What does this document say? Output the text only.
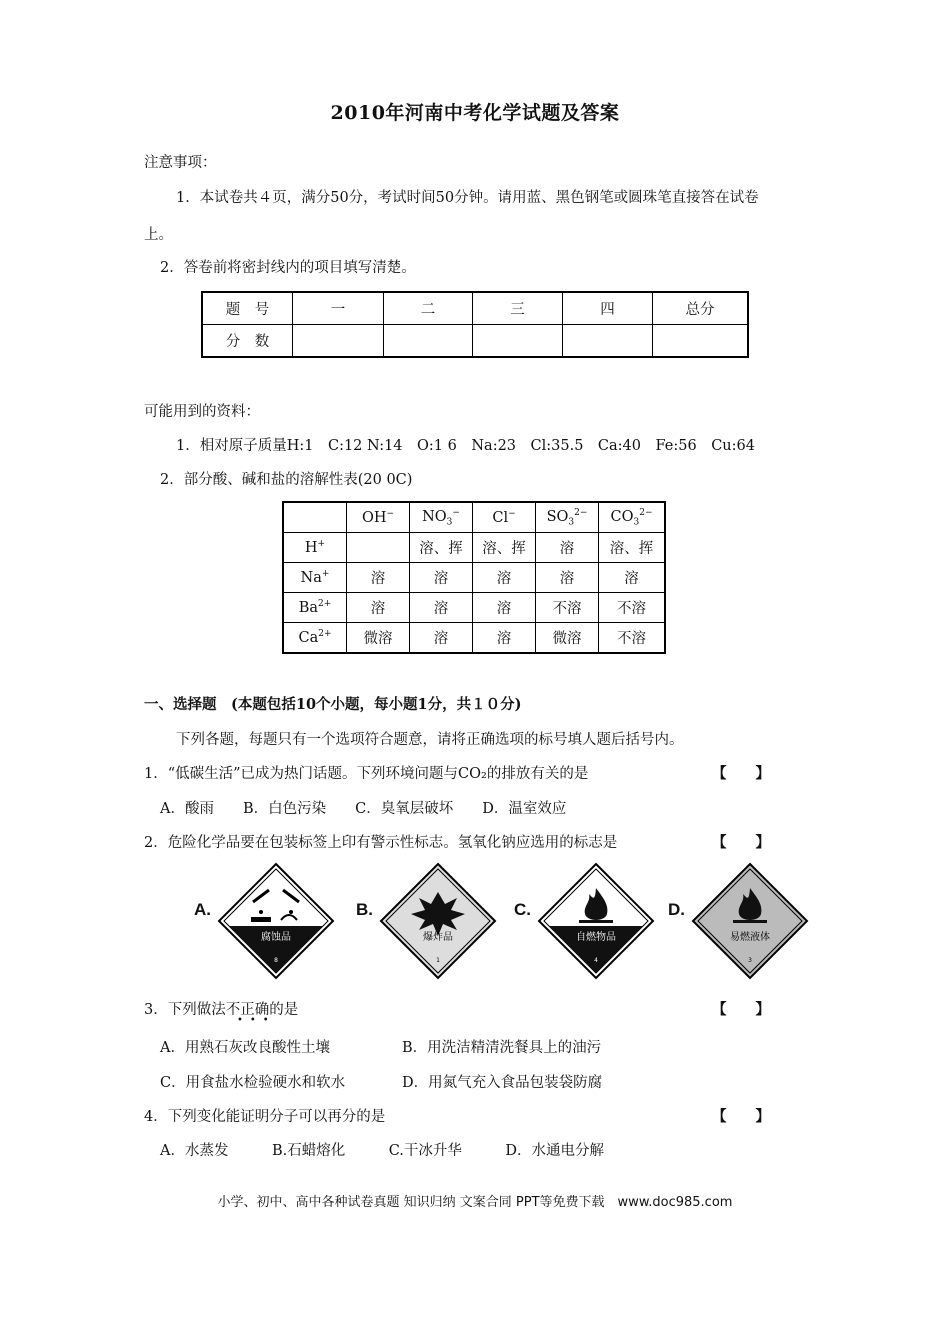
2010年河南中考化学试题及答案
注意事项：
1．本试卷共４页，满分50分，考试时间50分钟。请用蓝、黑色钢笔或圆珠笔直接答在试卷
上。
2．答卷前将密封线内的项目填写清楚。
题　号	一	二	三	四	总分
分　数					
可能用到的资料：
1．相对原子质量H:1　C:12 N:14　O:1 6　Na:23　Cl:35.5　Ca:40　Fe:56　Cu:64
2．部分酸、碱和盐的溶解性表(20 0C)
	OH−	$NO_3^-$	Cl−	$SO_3^{2-}$	$CO_3^{2-}$
H+		溶、挥	溶、挥	溶	溶、挥
Na+	溶	溶	溶	溶	溶
$Ba^{2+}$	溶	溶	溶	不溶	不溶
$Ca^{2+}$	微溶	溶	溶	微溶	不溶
一、选择题　(本题包括10个小题，每小题1分，共１０分)
下列各题，每题只有一个选项符合题意，请将正确选项的标号填人题后括号内。
1．“低碳生活”已成为热门话题。下列环境问题与CO₂的排放有关的是	【　　】
A．酸雨　　B．白色污染　　C．臭氧层破坏　　D．温室效应
2．危险化学品要在包装标签上印有警示性标志。氢氧化钠应选用的标志是	【　　】
A.
腐蚀品
8
B.
爆炸品
1
C.
自燃物品
4
D.
易燃液体
3
3．下列做法不正确的是
•••
【　　】
A．用熟石灰改良酸性土壤	B．用洗洁精清洗餐具上的油污
C．用食盐水检验硬水和软水	D．用氮气充入食品包装袋防腐
4．下列变化能证明分子可以再分的是	【　　】
A．水蒸发　　　B.石蜡熔化　　　C.干冰升华　　　D．水通电分解
小学、初中、高中各种试卷真题 知识归纳 文案合同 PPT等免费下载　www.doc985.com
